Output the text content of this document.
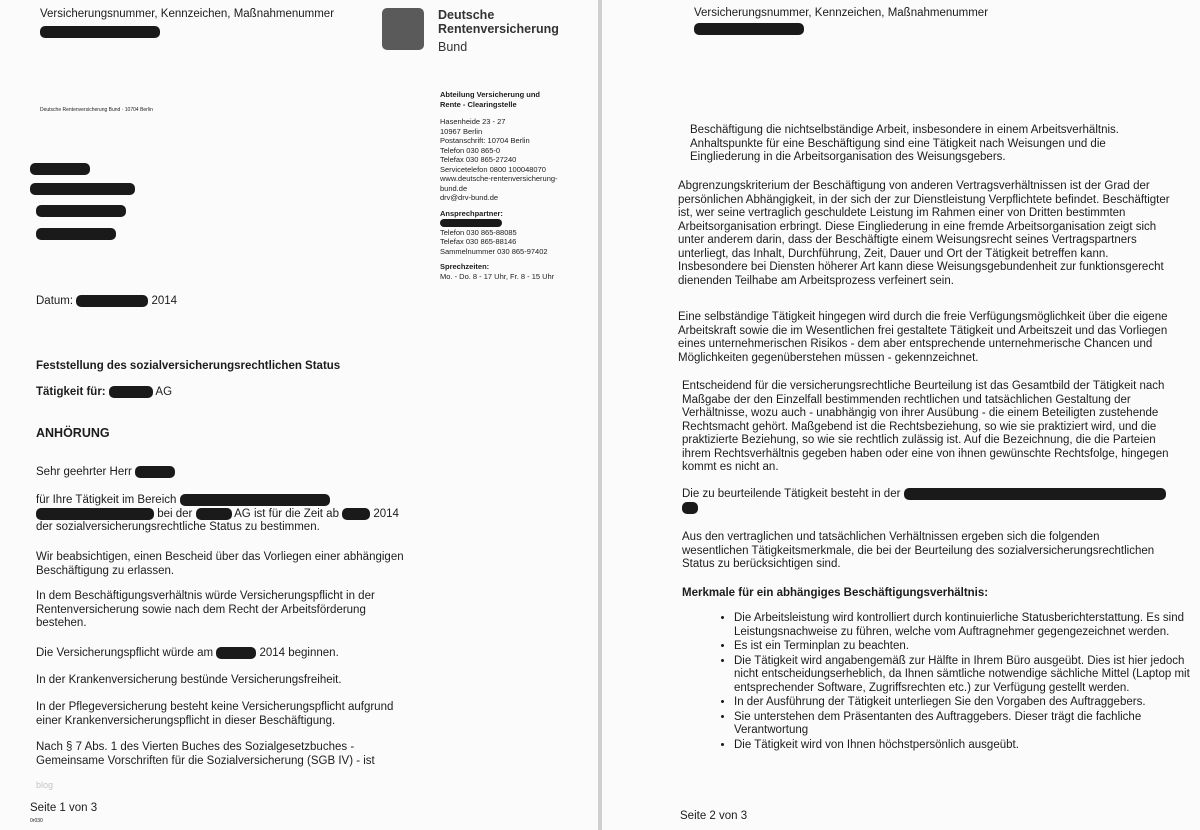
Versicherungsnummer, Kennzeichen, Maßnahmenummer	Deutsche
Rentenversicherung
Bund
Deutsche Rentenversicherung Bund · 10704 Berlin
Abteilung Versicherung und
Rente - Clearingstelle
Hasenheide 23 - 27
10967 Berlin
Postanschrift: 10704 Berlin
Telefon 030 865-0
Telefax 030 865-27240
Servicetelefon 0800 100048070
www.deutsche-rentenversicherung-
bund.de
drv@drv-bund.de
Ansprechpartner:
Telefon 030 865-88085
Telefax 030 865-88146
Sammelnummer 030 865-97402
Sprechzeiten:
Mo. - Do. 8 - 17 Uhr, Fr. 8 - 15 Uhr
Datum:	2014
Feststellung des sozialversicherungsrechtlichen Status
Tätigkeit für:	AG
ANHÖRUNG
Sehr geehrter Herr
für Ihre Tätigkeit im Bereich
bei der	AG ist für die Zeit ab	2014
der sozialversicherungsrechtliche Status zu bestimmen.
Wir beabsichtigen, einen Bescheid über das Vorliegen einer abhängigen Beschäftigung zu erlassen.
In dem Beschäftigungsverhältnis würde Versicherungspflicht in der Rentenversicherung sowie nach dem Recht der Arbeitsförderung bestehen.
Die Versicherungspflicht würde am	2014 beginnen.
In der Krankenversicherung bestünde Versicherungsfreiheit.
In der Pflegeversicherung besteht keine Versicherungspflicht aufgrund einer Krankenversicherungspflicht in dieser Beschäftigung.
Nach § 7 Abs. 1 des Vierten Buches des Sozialgesetzbuches - Gemeinsame Vorschriften für die Sozialversicherung (SGB IV) - ist
blog
Seite 1 von 3
0r030
Versicherungsnummer, Kennzeichen, Maßnahmenummer
Beschäftigung die nichtselbständige Arbeit, insbesondere in einem Arbeitsverhältnis. Anhaltspunkte für eine Beschäftigung sind eine Tätigkeit nach Weisungen und die Eingliederung in die Arbeitsorganisation des Weisungsgebers.
Abgrenzungskriterium der Beschäftigung von anderen Vertragsverhältnissen ist der Grad der persönlichen Abhängigkeit, in der sich der zur Dienstleistung Verpflichtete befindet. Beschäftigter ist, wer seine vertraglich geschuldete Leistung im Rahmen einer von Dritten bestimmten Arbeitsorganisation erbringt. Diese Eingliederung in eine fremde Arbeitsorganisation zeigt sich unter anderem darin, dass der Beschäftigte einem Weisungsrecht seines Vertragspartners unterliegt, das Inhalt, Durchführung, Zeit, Dauer und Ort der Tätigkeit betreffen kann. Insbesondere bei Diensten höherer Art kann diese Weisungsgebundenheit zur funktionsgerecht dienenden Teilhabe am Arbeitsprozess verfeinert sein.
Eine selbständige Tätigkeit hingegen wird durch die freie Verfügungsmöglichkeit über die eigene Arbeitskraft sowie die im Wesentlichen frei gestaltete Tätigkeit und Arbeitszeit und das Vorliegen eines unternehmerischen Risikos - dem aber entsprechende unternehmerische Chancen und Möglichkeiten gegenüberstehen müssen - gekennzeichnet.
Entscheidend für die versicherungsrechtliche Beurteilung ist das Gesamtbild der Tätigkeit nach Maßgabe der den Einzelfall bestimmenden rechtlichen und tatsächlichen Gestaltung der Verhältnisse, wozu auch - unabhängig von ihrer Ausübung - die einem Beteiligten zustehende Rechtsmacht gehört. Maßgebend ist die Rechtsbeziehung, so wie sie praktiziert wird, und die praktizierte Beziehung, so wie sie rechtlich zulässig ist. Auf die Bezeichnung, die die Parteien ihrem Rechtsverhältnis gegeben haben oder eine von ihnen gewünschte Rechtsfolge, hingegen kommt es nicht an.
Die zu beurteilende Tätigkeit besteht in der
Aus den vertraglichen und tatsächlichen Verhältnissen ergeben sich die folgenden wesentlichen Tätigkeitsmerkmale, die bei der Beurteilung des sozialversicherungsrechtlichen Status zu berücksichtigen sind.
Merkmale für ein abhängiges Beschäftigungsverhältnis:
• Die Arbeitsleistung wird kontrolliert durch kontinuierliche Statusberichterstattung. Es sind Leistungsnachweise zu führen, welche vom Auftragnehmer gegengezeichnet werden.
• Es ist ein Terminplan zu beachten.
• Die Tätigkeit wird angabengemäß zur Hälfte in Ihrem Büro ausgeübt. Dies ist hier jedoch nicht entscheidungserheblich, da Ihnen sämtliche notwendige sächliche Mittel (Laptop mit entsprechender Software, Zugriffsrechten etc.) zur Verfügung gestellt werden.
• In der Ausführung der Tätigkeit unterliegen Sie den Vorgaben des Auftraggebers.
• Sie unterstehen dem Präsentanten des Auftraggebers. Dieser trägt die fachliche Verantwortung
• Die Tätigkeit wird von Ihnen höchstpersönlich ausgeübt.
Seite 2 von 3
